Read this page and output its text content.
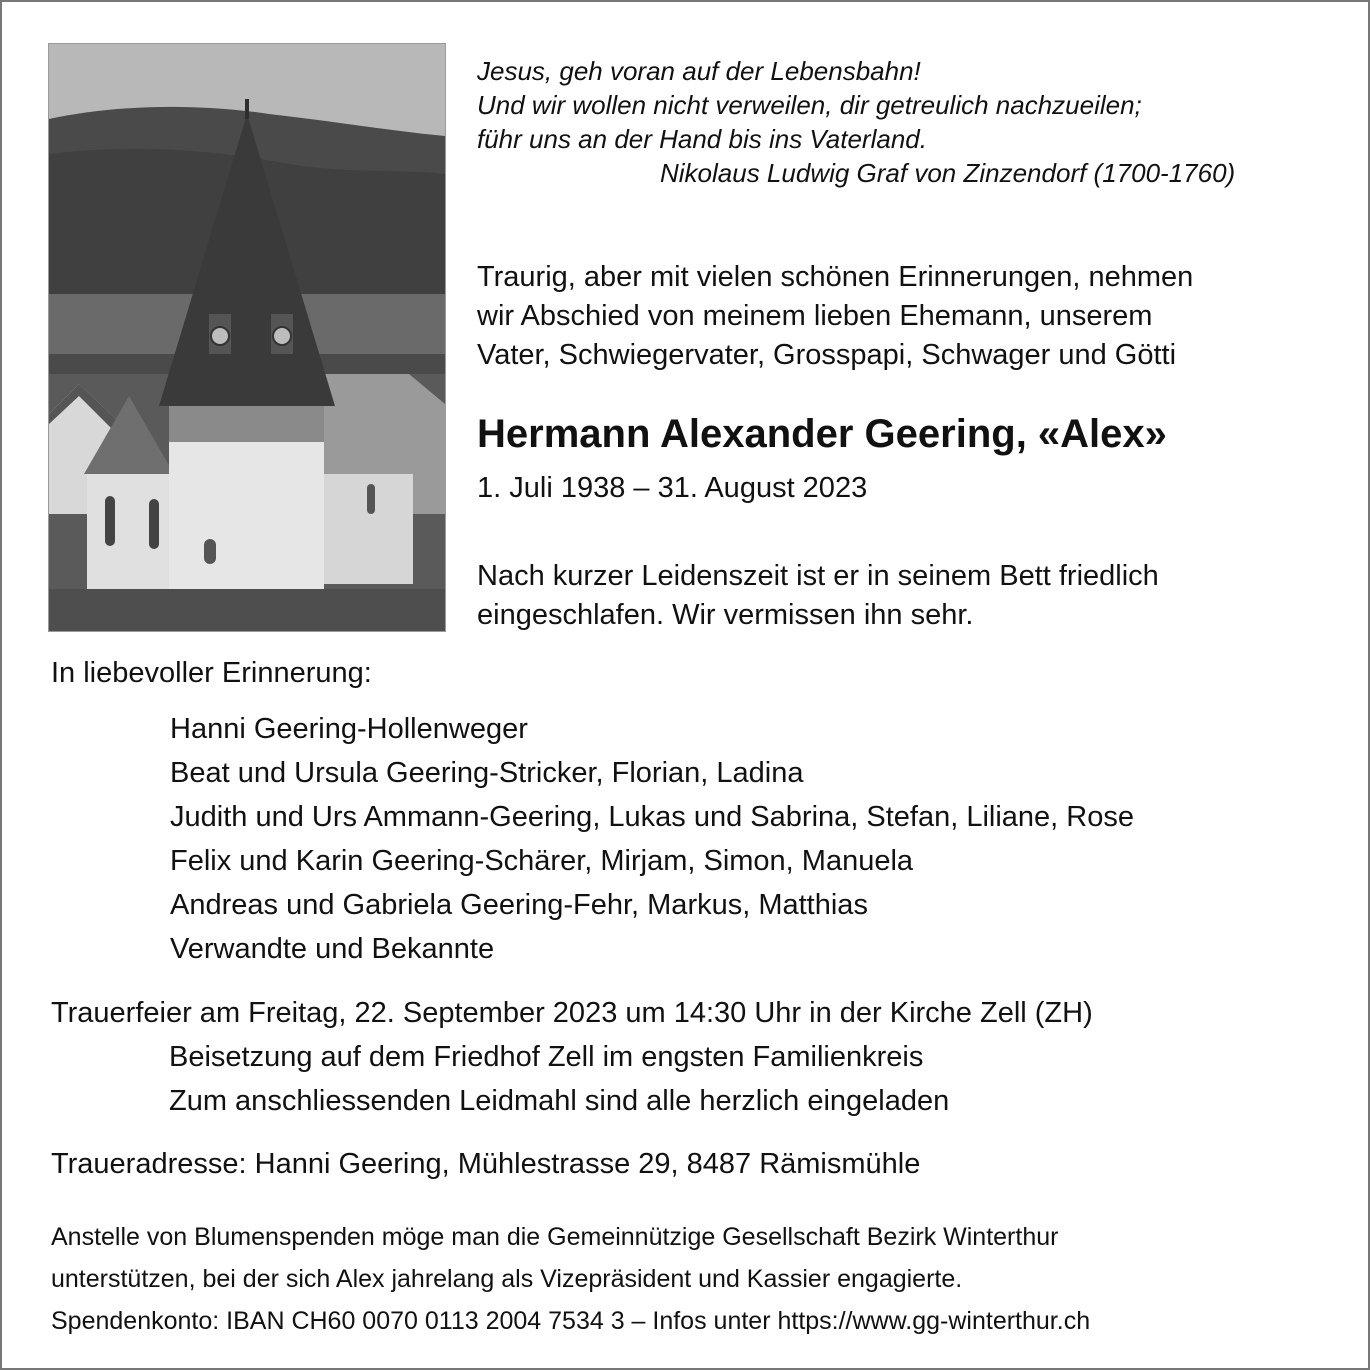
Jesus, geh voran auf der Lebensbahn!
Und wir wollen nicht verweilen, dir getreulich nachzueilen;
führ uns an der Hand bis ins Vaterland.
Nikolaus Ludwig Graf von Zinzendorf (1700-1760)
Traurig, aber mit vielen schönen Erinnerungen, nehmen
wir Abschied von meinem lieben Ehemann, unserem
Vater, Schwiegervater, Grosspapi, Schwager und Götti
Hermann Alexander Geering, «Alex»
1. Juli 1938 – 31. August 2023
Nach kurzer Leidenszeit ist er in seinem Bett friedlich
eingeschlafen. Wir vermissen ihn sehr.
In liebevoller Erinnerung:
Hanni Geering-Hollenweger
Beat und Ursula Geering-Stricker, Florian, Ladina
Judith und Urs Ammann-Geering, Lukas und Sabrina, Stefan, Liliane, Rose
Felix und Karin Geering-Schärer, Mirjam, Simon, Manuela
Andreas und Gabriela Geering-Fehr, Markus, Matthias
Verwandte und Bekannte
Trauerfeier am Freitag, 22. September 2023 um 14:30 Uhr in der Kirche Zell (ZH)
Beisetzung auf dem Friedhof Zell im engsten Familienkreis
Zum anschliessenden Leidmahl sind alle herzlich eingeladen
Traueradresse: Hanni Geering, Mühlestrasse 29, 8487 Rämismühle
Anstelle von Blumenspenden möge man die Gemeinnützige Gesellschaft Bezirk Winterthur
unterstützen, bei der sich Alex jahrelang als Vizepräsident und Kassier engagierte.
Spendenkonto: IBAN CH60 0070 0113 2004 7534 3 – Infos unter https://www.gg-winterthur.ch
